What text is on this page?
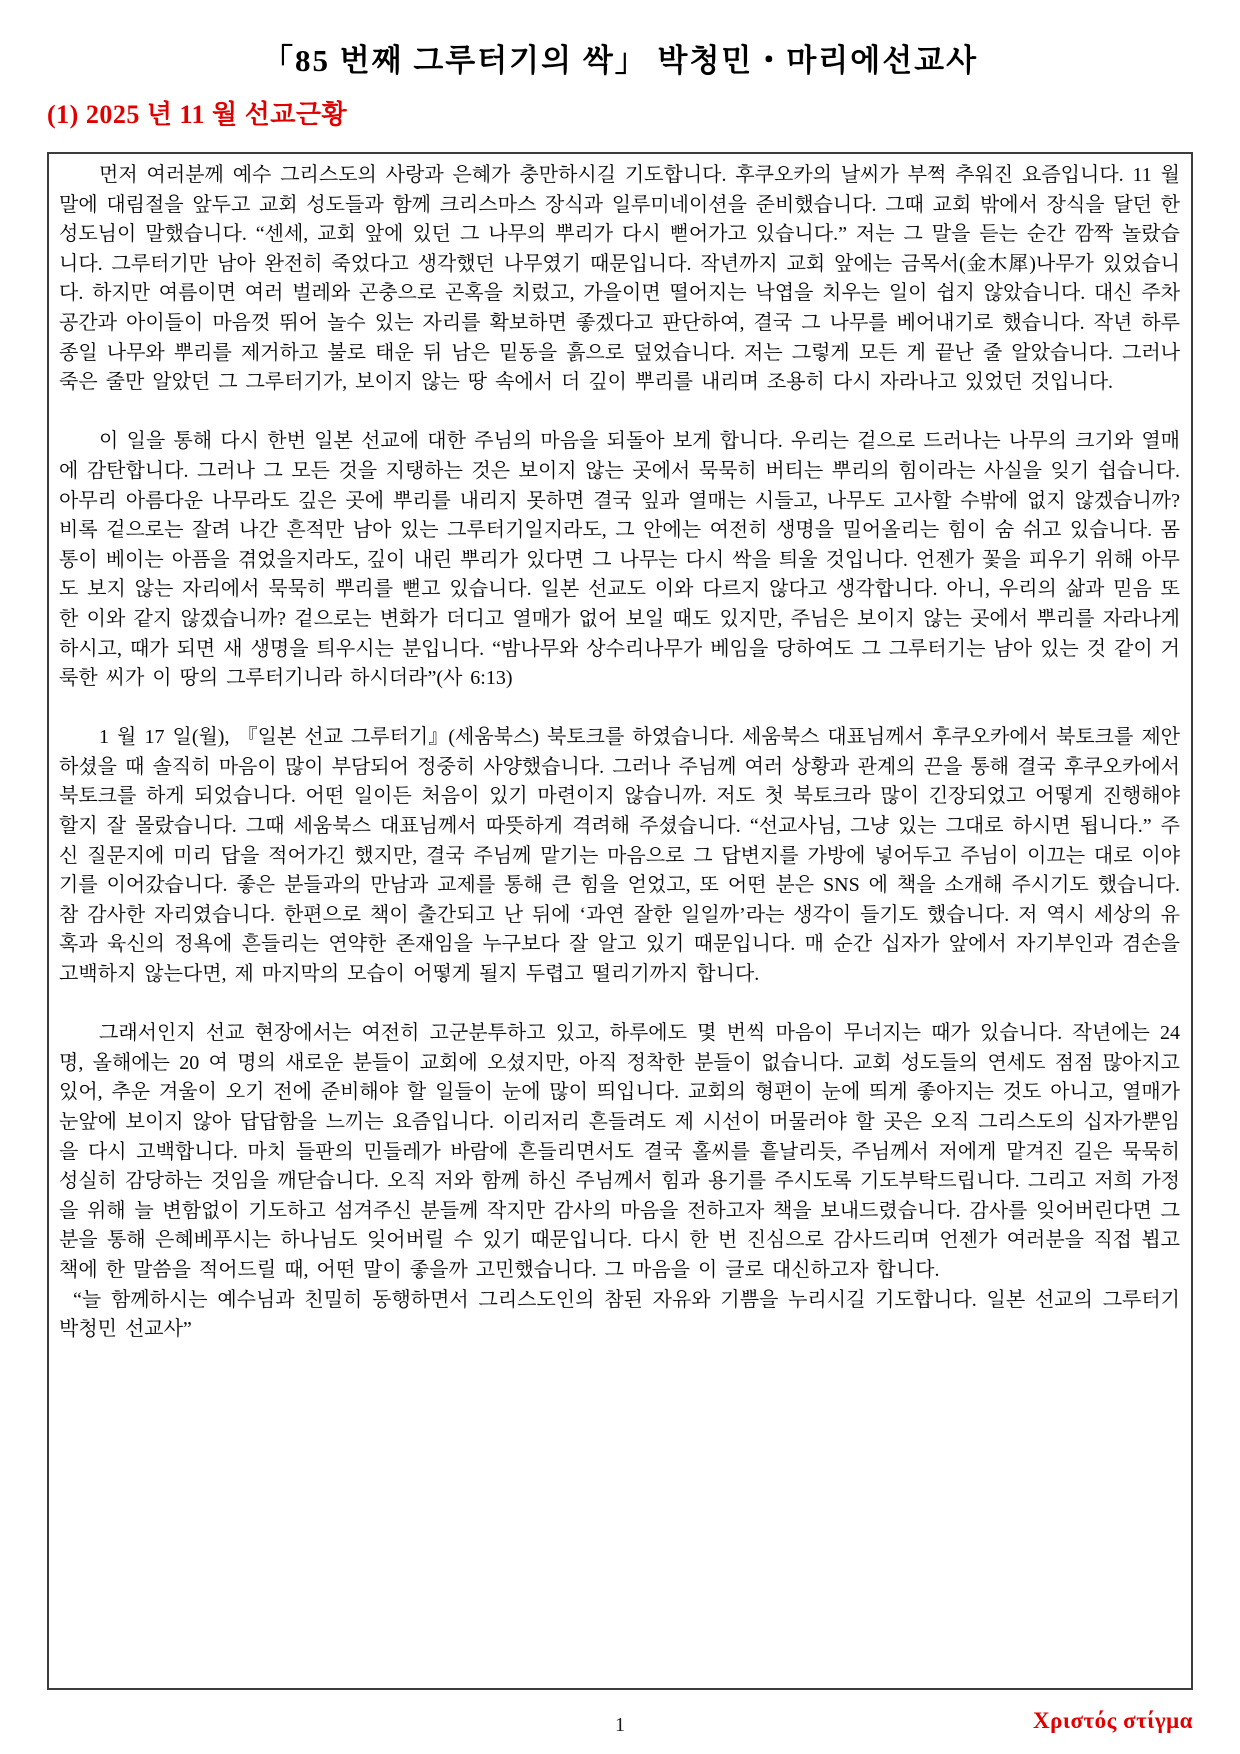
「85 번째 그루터기의 싹」 박청민・마리에선교사
(1) 2025 년 11 월 선교근황

먼저 여러분께 예수 그리스도의 사랑과 은혜가 충만하시길 기도합니다. 후쿠오카의 날씨가 부쩍 추워진 요즘입니다. 11 월 말에 대림절을 앞두고 교회 성도들과 함께 크리스마스 장식과 일루미네이션을 준비했습니다. 그때 교회 밖에서 장식을 달던 한 성도님이 말했습니다. “센세, 교회 앞에 있던 그 나무의 뿌리가 다시 뻗어가고 있습니다.” 저는 그 말을 듣는 순간 깜짝 놀랐습니다. 그루터기만 남아 완전히 죽었다고 생각했던 나무였기 때문입니다. 작년까지 교회 앞에는 금목서(金木犀)나무가 있었습니다. 하지만 여름이면 여러 벌레와 곤충으로 곤혹을 치렀고, 가을이면 떨어지는 낙엽을 치우는 일이 쉽지 않았습니다. 대신 주차 공간과 아이들이 마음껏 뛰어 놀수 있는 자리를 확보하면 좋겠다고 판단하여, 결국 그 나무를 베어내기로 했습니다. 작년 하루 종일 나무와 뿌리를 제거하고 불로 태운 뒤 남은 밑동을 흙으로 덮었습니다. 저는 그렇게 모든 게 끝난 줄 알았습니다. 그러나 죽은 줄만 알았던 그 그루터기가, 보이지 않는 땅 속에서 더 깊이 뿌리를 내리며 조용히 다시 자라나고 있었던 것입니다.

이 일을 통해 다시 한번 일본 선교에 대한 주님의 마음을 되돌아 보게 합니다. 우리는 겉으로 드러나는 나무의 크기와 열매에 감탄합니다. 그러나 그 모든 것을 지탱하는 것은 보이지 않는 곳에서 묵묵히 버티는 뿌리의 힘이라는 사실을 잊기 쉽습니다. 아무리 아름다운 나무라도 깊은 곳에 뿌리를 내리지 못하면 결국 잎과 열매는 시들고, 나무도 고사할 수밖에 없지 않겠습니까? 비록 겉으로는 잘려 나간 흔적만 남아 있는 그루터기일지라도, 그 안에는 여전히 생명을 밀어올리는 힘이 숨 쉬고 있습니다. 몸통이 베이는 아픔을 겪었을지라도, 깊이 내린 뿌리가 있다면 그 나무는 다시 싹을 틔울 것입니다. 언젠가 꽃을 피우기 위해 아무도 보지 않는 자리에서 묵묵히 뿌리를 뻗고 있습니다. 일본 선교도 이와 다르지 않다고 생각합니다. 아니, 우리의 삶과 믿음 또한 이와 같지 않겠습니까? 겉으로는 변화가 더디고 열매가 없어 보일 때도 있지만, 주님은 보이지 않는 곳에서 뿌리를 자라나게 하시고, 때가 되면 새 생명을 틔우시는 분입니다. “밤나무와 상수리나무가 베임을 당하여도 그 그루터기는 남아 있는 것 같이 거룩한 씨가 이 땅의 그루터기니라 하시더라”(사 6:13)

1 월 17 일(월), 『일본 선교 그루터기』(세움북스) 북토크를 하였습니다. 세움북스 대표님께서 후쿠오카에서 북토크를 제안하셨을 때 솔직히 마음이 많이 부담되어 정중히 사양했습니다. 그러나 주님께 여러 상황과 관계의 끈을 통해 결국 후쿠오카에서 북토크를 하게 되었습니다. 어떤 일이든 처음이 있기 마련이지 않습니까. 저도 첫 북토크라 많이 긴장되었고 어떻게 진행해야 할지 잘 몰랐습니다. 그때 세움북스 대표님께서 따뜻하게 격려해 주셨습니다. “선교사님, 그냥 있는 그대로 하시면 됩니다.” 주신 질문지에 미리 답을 적어가긴 했지만, 결국 주님께 맡기는 마음으로 그 답변지를 가방에 넣어두고 주님이 이끄는 대로 이야기를 이어갔습니다. 좋은 분들과의 만남과 교제를 통해 큰 힘을 얻었고, 또 어떤 분은 SNS 에 책을 소개해 주시기도 했습니다. 참 감사한 자리였습니다. 한편으로 책이 출간되고 난 뒤에 ‘과연 잘한 일일까’라는 생각이 들기도 했습니다. 저 역시 세상의 유혹과 육신의 정욕에 흔들리는 연약한 존재임을 누구보다 잘 알고 있기 때문입니다. 매 순간 십자가 앞에서 자기부인과 겸손을 고백하지 않는다면, 제 마지막의 모습이 어떻게 될지 두렵고 떨리기까지 합니다.

그래서인지 선교 현장에서는 여전히 고군분투하고 있고, 하루에도 몇 번씩 마음이 무너지는 때가 있습니다. 작년에는 24 명, 올해에는 20 여 명의 새로운 분들이 교회에 오셨지만, 아직 정착한 분들이 없습니다. 교회 성도들의 연세도 점점 많아지고 있어, 추운 겨울이 오기 전에 준비해야 할 일들이 눈에 많이 띄입니다. 교회의 형편이 눈에 띄게 좋아지는 것도 아니고, 열매가 눈앞에 보이지 않아 답답함을 느끼는 요즘입니다. 이리저리 흔들려도 제 시선이 머물러야 할 곳은 오직 그리스도의 십자가뿐임을 다시 고백합니다. 마치 들판의 민들레가 바람에 흔들리면서도 결국 홀씨를 흩날리듯, 주님께서 저에게 맡겨진 길은 묵묵히 성실히 감당하는 것임을 깨닫습니다. 오직 저와 함께 하신 주님께서 힘과 용기를 주시도록 기도부탁드립니다. 그리고 저희 가정을 위해 늘 변함없이 기도하고 섬겨주신 분들께 작지만 감사의 마음을 전하고자 책을 보내드렸습니다. 감사를 잊어버린다면 그 분을 통해 은혜베푸시는 하나님도 잊어버릴 수 있기 때문입니다. 다시 한 번 진심으로 감사드리며 언젠가 여러분을 직접 뵙고 책에 한 말씀을 적어드릴 때, 어떤 말이 좋을까 고민했습니다. 그 마음을 이 글로 대신하고자 합니다.

“늘 함께하시는 예수님과 친밀히 동행하면서 그리스도인의 참된 자유와 기쁨을 누리시길 기도합니다. 일본 선교의 그루터기 박청민 선교사”

1	Χριστός στίγμα
